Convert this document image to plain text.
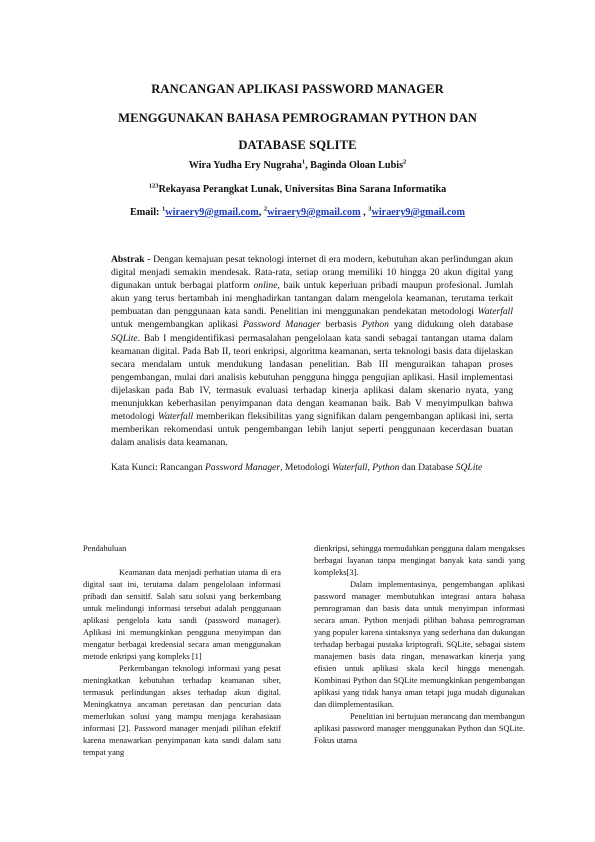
RANCANGAN APLIKASI PASSWORD MANAGER
MENGGUNAKAN BAHASA PEMROGRAMAN PYTHON DAN
DATABASE SQLITE
Wira Yudha Ery Nugraha$^1$, Baginda Oloan Lubis$^2$
$^{123}$Rekayasa Perangkat Lunak, Universitas Bina Sarana Informatika
Email: $^1$wiraery9@gmail.com, $^2$wiraery9@gmail.com , $^3$wiraery9@gmail.com
Abstrak - Dengan kemajuan pesat teknologi internet di era modern, kebutuhan akan perlindungan akun digital menjadi semakin mendesak. Rata-rata, setiap orang memiliki 10 hingga 20 akun digital yang digunakan untuk berbagai platform online, baik untuk keperluan pribadi maupun profesional. Jumlah akun yang terus bertambah ini menghadirkan tantangan dalam mengelola keamanan, terutama terkait pembuatan dan penggunaan kata sandi. Penelitian ini menggunakan pendekatan metodologi Waterfall untuk mengembangkan aplikasi Password Manager berbasis Python yang didukung oleh database SQLite. Bab I mengidentifikasi permasalahan pengelolaan kata sandi sebagai tantangan utama dalam keamanan digital. Pada Bab II, teori enkripsi, algoritma keamanan, serta teknologi basis data dijelaskan secara mendalam untuk mendukung landasan penelitian. Bab III menguraikan tahapan proses pengembangan, mulai dari analisis kebutuhan pengguna hingga pengujian aplikasi. Hasil implementasi dijelaskan pada Bab IV, termasuk evaluasi terhadap kinerja aplikasi dalam skenario nyata, yang menunjukkan keberhasilan penyimpanan data dengan keamanan baik. Bab V menyimpulkan bahwa metodologi Waterfall memberikan fleksibilitas yang signifikan dalam pengembangan aplikasi ini, serta memberikan rekomendasi untuk pengembangan lebih lanjut seperti penggunaan kecerdasan buatan dalam analisis data keamanan.
Kata Kunci: Rancangan Password Manager, Metodologi Waterfall, Python dan Database SQLite
Pendahuluan

Keamanan data menjadi perhatian utama di era digital saat ini, terutama dalam pengelolaan informasi pribadi dan sensitif. Salah satu solusi yang berkembang untuk melindungi informasi tersebut adalah penggunaan aplikasi pengelola kata sandi (password manager). Aplikasi ini memungkinkan pengguna menyimpan dan mengatur berbagai kredensial secara aman menggunakan metode enkripsi yang kompleks [1]

Perkembangan teknologi informasi yang pesat meningkatkan kebutuhan terhadap keamanan siber, termasuk perlindungan akses terhadap akun digital. Meningkatnya ancaman peretasan dan pencurian data memerlukan solusi yang mampu menjaga kerahasiaan informasi [2]. Password manager menjadi pilihan efektif karena menawarkan penyimpanan kata sandi dalam satu tempat yang

dienkripsi, sehingga memudahkan pengguna dalam mengakses berbagai layanan tanpa mengingat banyak kata sandi yang kompleks[3].

Dalam implementasinya, pengembangan aplikasi password manager membutuhkan integrasi antara bahasa pemrograman dan basis data untuk menyimpan informasi secara aman. Python menjadi pilihan bahasa pemrograman yang populer karena sintaksnya yang sederhana dan dukungan terhadap berbagai pustaka kriptografi. SQLite, sebagai sistem manajemen basis data ringan, menawarkan kinerja yang efisien untuk aplikasi skala kecil hingga menengah. Kombinasi Python dan SQLite memungkinkan pengembangan aplikasi yang tidak hanya aman tetapi juga mudah digunakan dan diimplementasikan.

Penelitian ini bertujuan merancang dan membangun aplikasi password manager menggunakan Python dan SQLite. Fokus utama
